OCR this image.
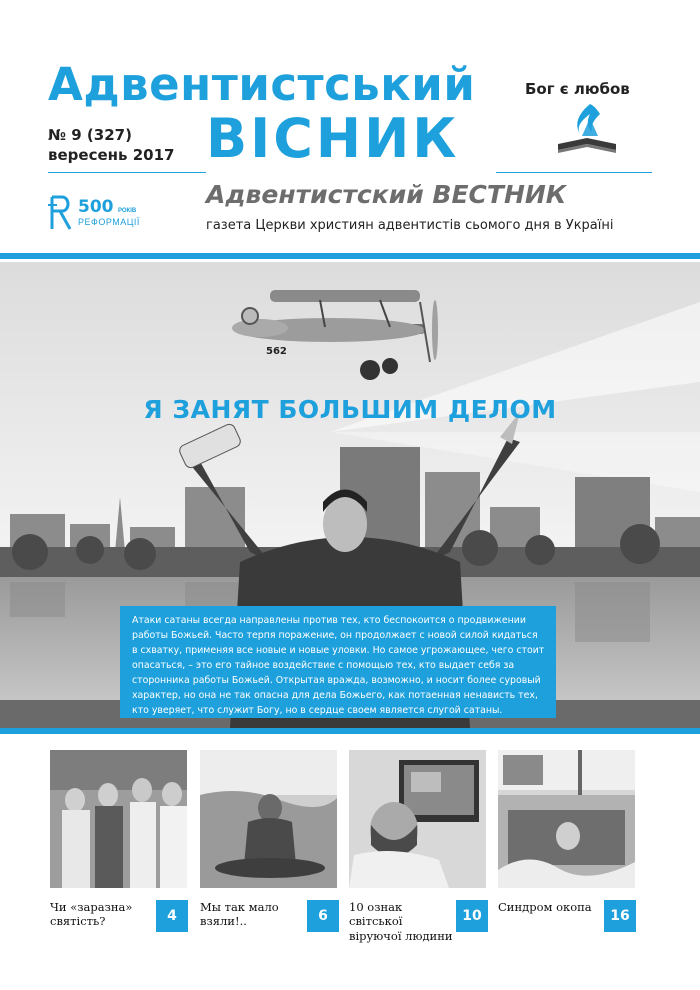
Адвентистський
ВІСНИК
№ 9 (327)
вересень 2017
Бог є любов
Адвентистский ВЕСТНИК
газета Церкви християн адвентистів сьомого дня в Україні
500 РОКІВ
РЕФОРМАЦІЇ
562
Я ЗАНЯТ БОЛЬШИМ ДЕЛОМ
Атаки сатаны всегда направлены против тех, кто беспокоится о продвижении работы Божьей. Часто терпя поражение, он продолжает с новой силой кидаться в схватку, применяя все новые и новые уловки. Но самое угрожающее, чего стоит опасаться, – это его тайное воздействие с помощью тех, кто выдает себя за сторонника работы Божьей. Открытая вражда, возможно, и носит более суровый характер, но она не так опасна для дела Божьего, как потаенная ненависть тех, кто уверяет, что служит Богу, но в сердце своем является слугой сатаны.
Чи «заразна» святість?	4
Мы так мало взяли!..	6
10 ознак світської віруючої людини
10
Синдром окопа
16
